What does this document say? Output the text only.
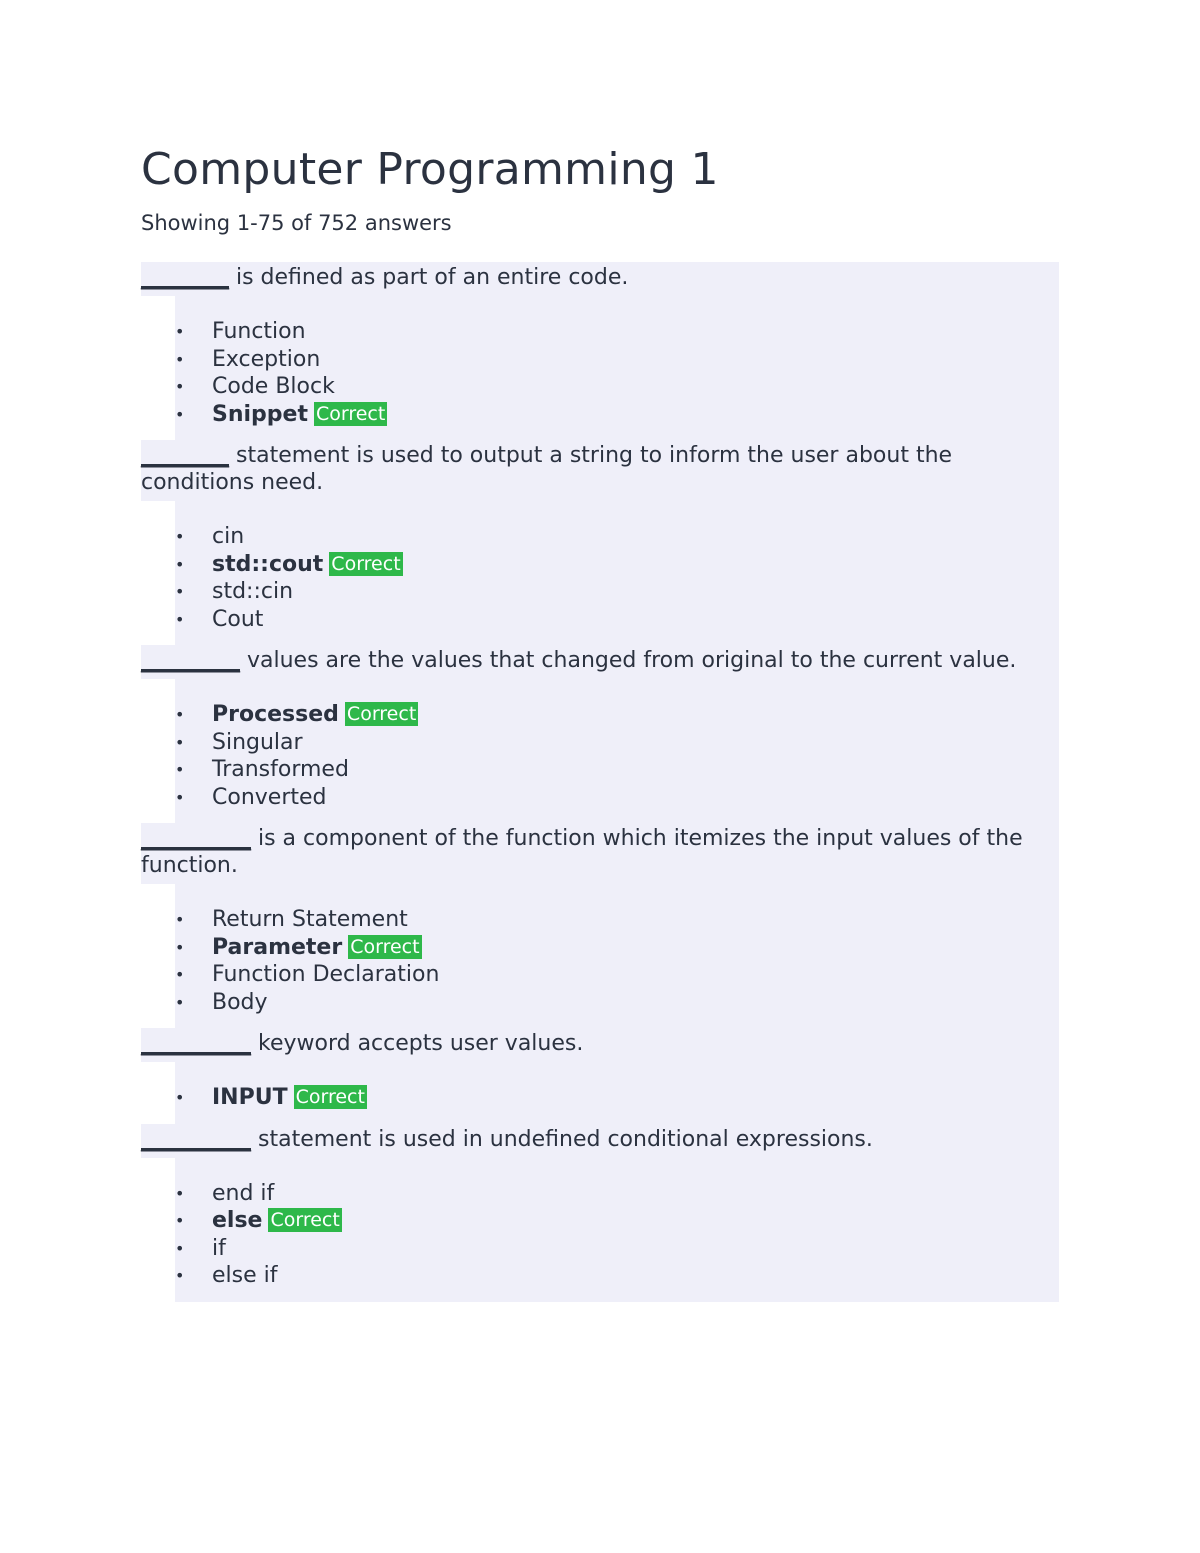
Computer Programming 1

Showing 1-75 of 752 answers

________ is defined as part of an entire code.

• Function
• Exception
• Code Block
• Snippet Correct

________ statement is used to output a string to inform the user about the conditions need.

• cin
• std::cout Correct
• std::cin
• Cout

_________ values are the values that changed from original to the current value.

• Processed Correct
• Singular
• Transformed
• Converted

__________ is a component of the function which itemizes the input values of the function.

• Return Statement
• Parameter Correct
• Function Declaration
• Body

__________ keyword accepts user values.

• INPUT Correct

__________ statement is used in undefined conditional expressions.

• end if
• else Correct
• if
• else if
